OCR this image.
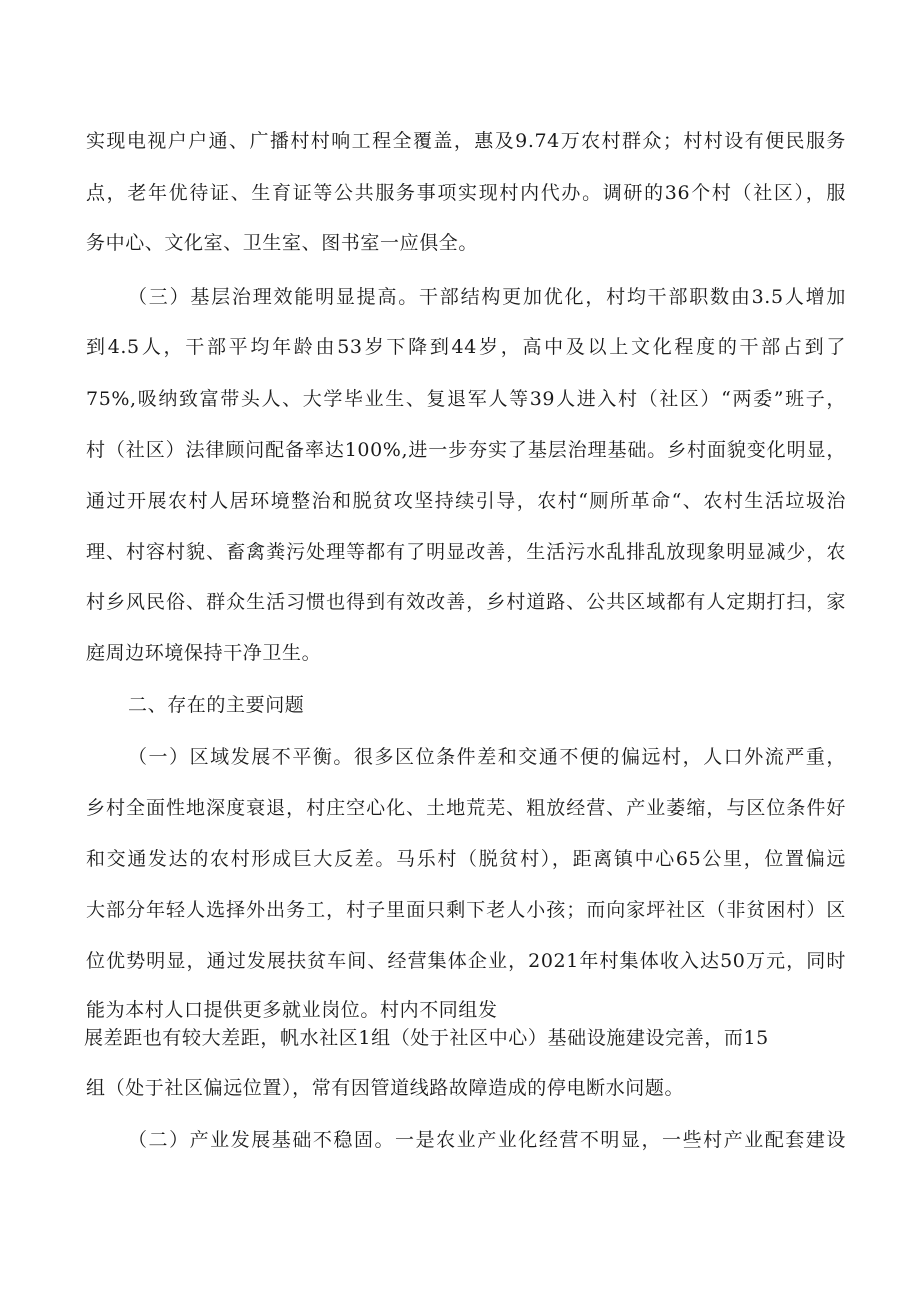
实现电视户户通、广播村村响工程全覆盖，惠及9.74万农村群众；村村设有便民服务
点，老年优待证、生育证等公共服务事项实现村内代办。调研的36个村（社区），服
务中心、文化室、卫生室、图书室一应俱全。
（三）基层治理效能明显提高。干部结构更加优化，村均干部职数由3.5人增加
到4.5人，干部平均年龄由53岁下降到44岁，高中及以上文化程度的干部占到了
75%,吸纳致富带头人、大学毕业生、复退军人等39人进入村（社区）“两委”班子，
村（社区）法律顾问配备率达100%,进一步夯实了基层治理基础。乡村面貌变化明显，
通过开展农村人居环境整治和脱贫攻坚持续引导，农村“厕所革命“、农村生活垃圾治
理、村容村貌、畜禽粪污处理等都有了明显改善，生活污水乱排乱放现象明显减少，农
村乡风民俗、群众生活习惯也得到有效改善，乡村道路、公共区域都有人定期打扫，家
庭周边环境保持干净卫生。
二、存在的主要问题
（一）区域发展不平衡。很多区位条件差和交通不便的偏远村，人口外流严重，
乡村全面性地深度衰退，村庄空心化、土地荒芜、粗放经营、产业萎缩，与区位条件好
和交通发达的农村形成巨大反差。马乐村（脱贫村），距离镇中心65公里，位置偏远
大部分年轻人选择外出务工，村子里面只剩下老人小孩；而向家坪社区（非贫困村）区
位优势明显，通过发展扶贫车间、经营集体企业，2021年村集体收入达50万元，同时
能为本村人口提供更多就业岗位。村内不同组发
展差距也有较大差距，帆水社区1组（处于社区中心）基础设施建设完善，而15
组（处于社区偏远位置），常有因管道线路故障造成的停电断水问题。
（二）产业发展基础不稳固。一是农业产业化经营不明显，一些村产业配套建设
